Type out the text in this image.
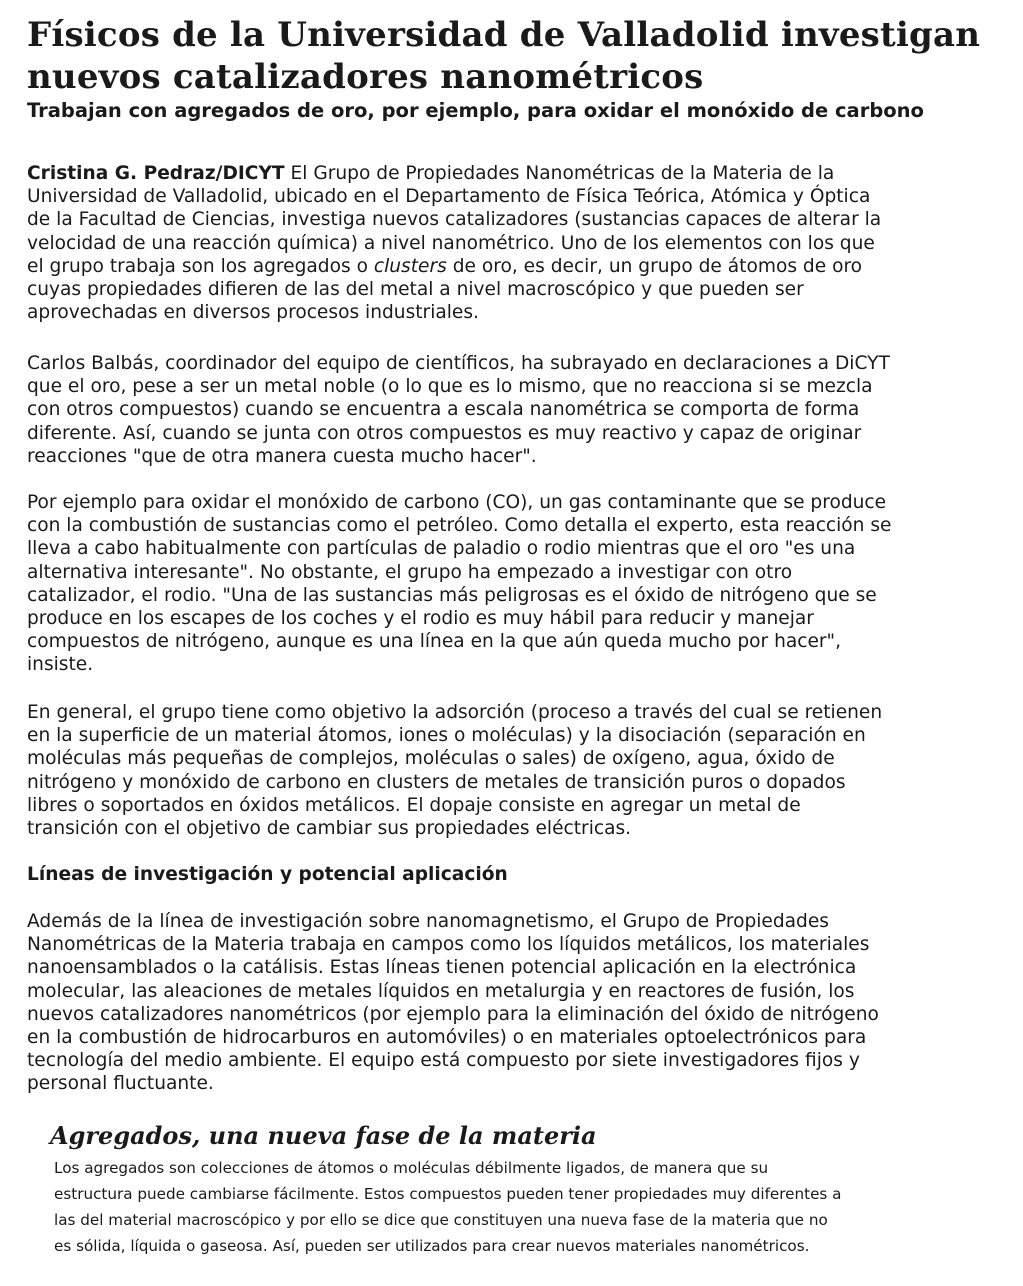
Físicos de la Universidad de Valladolid investigan
nuevos catalizadores nanométricos
Trabajan con agregados de oro, por ejemplo, para oxidar el monóxido de carbono
Cristina G. Pedraz/DICYT El Grupo de Propiedades Nanométricas de la Materia de la
Universidad de Valladolid, ubicado en el Departamento de Física Teórica, Atómica y Óptica
de la Facultad de Ciencias, investiga nuevos catalizadores (sustancias capaces de alterar la
velocidad de una reacción química) a nivel nanométrico. Uno de los elementos con los que
el grupo trabaja son los agregados o clusters de oro, es decir, un grupo de átomos de oro
cuyas propiedades difieren de las del metal a nivel macroscópico y que pueden ser
aprovechadas en diversos procesos industriales.
Carlos Balbás, coordinador del equipo de científicos, ha subrayado en declaraciones a DiCYT
que el oro, pese a ser un metal noble (o lo que es lo mismo, que no reacciona si se mezcla
con otros compuestos) cuando se encuentra a escala nanométrica se comporta de forma
diferente. Así, cuando se junta con otros compuestos es muy reactivo y capaz de originar
reacciones "que de otra manera cuesta mucho hacer".
Por ejemplo para oxidar el monóxido de carbono (CO), un gas contaminante que se produce
con la combustión de sustancias como el petróleo. Como detalla el experto, esta reacción se
lleva a cabo habitualmente con partículas de paladio o rodio mientras que el oro "es una
alternativa interesante". No obstante, el grupo ha empezado a investigar con otro
catalizador, el rodio. "Una de las sustancias más peligrosas es el óxido de nitrógeno que se
produce en los escapes de los coches y el rodio es muy hábil para reducir y manejar
compuestos de nitrógeno, aunque es una línea en la que aún queda mucho por hacer",
insiste.
En general, el grupo tiene como objetivo la adsorción (proceso a través del cual se retienen
en la superficie de un material átomos, iones o moléculas) y la disociación (separación en
moléculas más pequeñas de complejos, moléculas o sales) de oxígeno, agua, óxido de
nitrógeno y monóxido de carbono en clusters de metales de transición puros o dopados
libres o soportados en óxidos metálicos. El dopaje consiste en agregar un metal de
transición con el objetivo de cambiar sus propiedades eléctricas.
Líneas de investigación y potencial aplicación
Además de la línea de investigación sobre nanomagnetismo, el Grupo de Propiedades
Nanométricas de la Materia trabaja en campos como los líquidos metálicos, los materiales
nanoensamblados o la catálisis. Estas líneas tienen potencial aplicación en la electrónica
molecular, las aleaciones de metales líquidos en metalurgia y en reactores de fusión, los
nuevos catalizadores nanométricos (por ejemplo para la eliminación del óxido de nitrógeno
en la combustión de hidrocarburos en automóviles) o en materiales optoelectrónicos para
tecnología del medio ambiente. El equipo está compuesto por siete investigadores fijos y
personal fluctuante.
Agregados, una nueva fase de la materia
Los agregados son colecciones de átomos o moléculas débilmente ligados, de manera que su
estructura puede cambiarse fácilmente. Estos compuestos pueden tener propiedades muy diferentes a
las del material macroscópico y por ello se dice que constituyen una nueva fase de la materia que no
es sólida, líquida o gaseosa. Así, pueden ser utilizados para crear nuevos materiales nanométricos.
